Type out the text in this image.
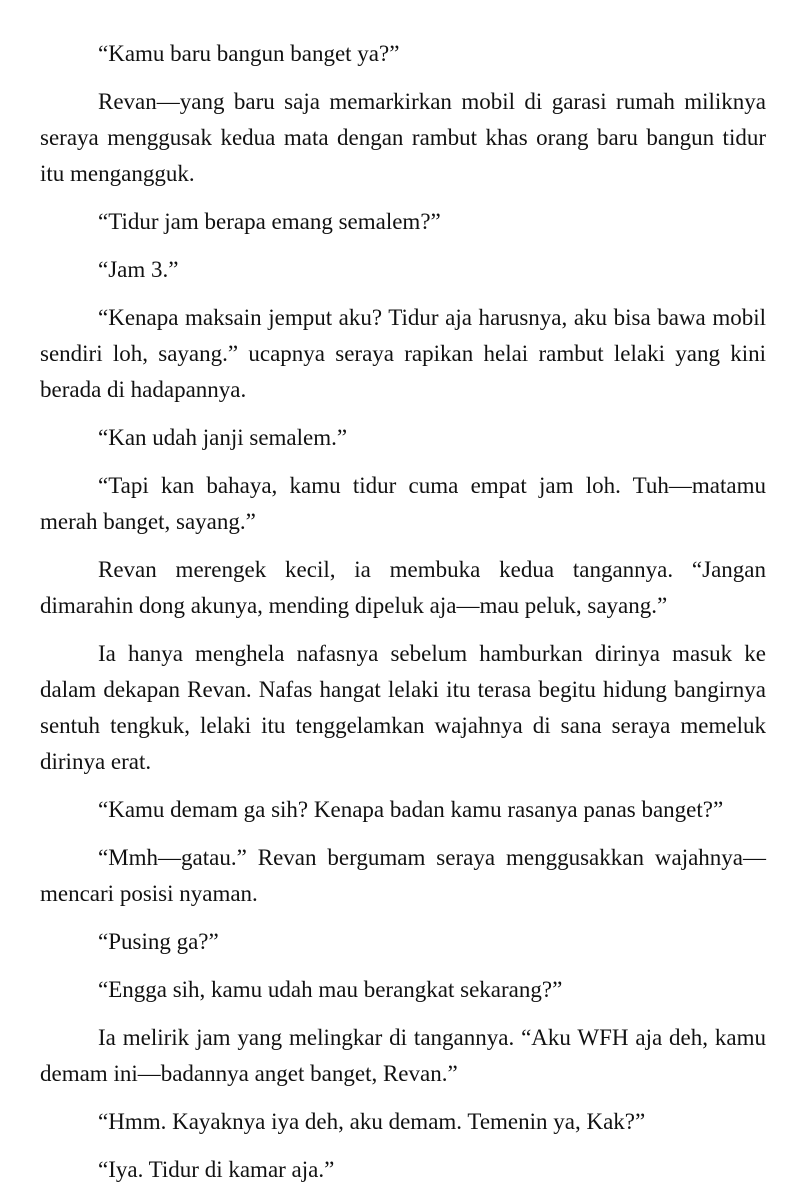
“Kamu baru bangun banget ya?”

Revan—yang baru saja memarkirkan mobil di garasi rumah miliknya seraya menggusak kedua mata dengan rambut khas orang baru bangun tidur itu mengangguk.

“Tidur jam berapa emang semalem?”

“Jam 3.”

“Kenapa maksain jemput aku? Tidur aja harusnya, aku bisa bawa mobil sendiri loh, sayang.” ucapnya seraya rapikan helai rambut lelaki yang kini berada di hadapannya.

“Kan udah janji semalem.”

“Tapi kan bahaya, kamu tidur cuma empat jam loh. Tuh—matamu merah banget, sayang.”

Revan merengek kecil, ia membuka kedua tangannya. “Jangan dimarahin dong akunya, mending dipeluk aja—mau peluk, sayang.”

Ia hanya menghela nafasnya sebelum hamburkan dirinya masuk ke dalam dekapan Revan. Nafas hangat lelaki itu terasa begitu hidung bangirnya sentuh tengkuk, lelaki itu tenggelamkan wajahnya di sana seraya memeluk dirinya erat.

“Kamu demam ga sih? Kenapa badan kamu rasanya panas banget?”

“Mmh—gatau.” Revan bergumam seraya menggusakkan wajahnya—mencari posisi nyaman.

“Pusing ga?”

“Engga sih, kamu udah mau berangkat sekarang?”

Ia melirik jam yang melingkar di tangannya. “Aku WFH aja deh, kamu demam ini—badannya anget banget, Revan.”

“Hmm. Kayaknya iya deh, aku demam. Temenin ya, Kak?”

“Iya. Tidur di kamar aja.”
